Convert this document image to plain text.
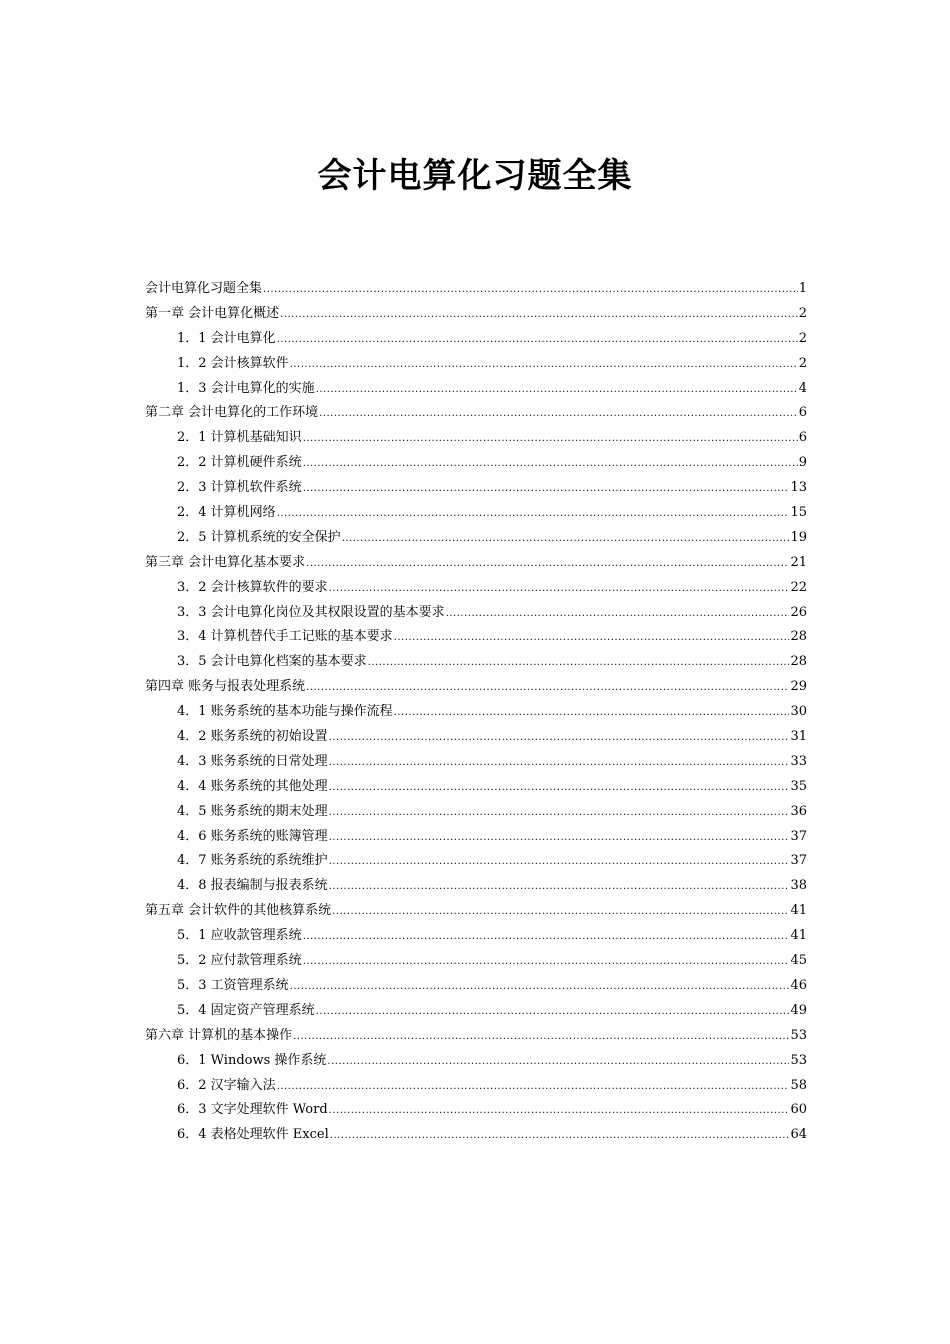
会计电算化习题全集
会计电算化习题全集 .....	1
第一章 会计电算化概述 .....	2
1．1 会计电算化 .....	2
1．2 会计核算软件 .....	2
1．3 会计电算化的实施 .....	4
第二章 会计电算化的工作环境 .....	6
2．1 计算机基础知识 .....	6
2．2 计算机硬件系统 .....	9
2．3 计算机软件系统 .....	13
2．4 计算机网络 .....	15
2．5 计算机系统的安全保护 .....	19
第三章 会计电算化基本要求 .....	21
3．2 会计核算软件的要求 .....	22
3．3 会计电算化岗位及其权限设置的基本要求 .....	26
3．4 计算机替代手工记账的基本要求 .....	28
3．5 会计电算化档案的基本要求 .....	28
第四章 账务与报表处理系统 .....	29
4．1 账务系统的基本功能与操作流程 .....	30
4．2 账务系统的初始设置 .....	31
4．3 账务系统的日常处理 .....	33
4．4 账务系统的其他处理 .....	35
4．5 账务系统的期末处理 .....	36
4．6 账务系统的账簿管理 .....	37
4．7 账务系统的系统维护 .....	37
4．8 报表编制与报表系统 .....	38
第五章 会计软件的其他核算系统 .....	41
5．1 应收款管理系统 .....	41
5．2 应付款管理系统 .....	45
5．3 工资管理系统 .....	46
5．4 固定资产管理系统 .....	49
第六章 计算机的基本操作 .....	53
6．1 Windows 操作系统 .....	53
6．2 汉字输入法 .....	58
6．3 文字处理软件 Word .....	60
6．4 表格处理软件 Excel .....	64
